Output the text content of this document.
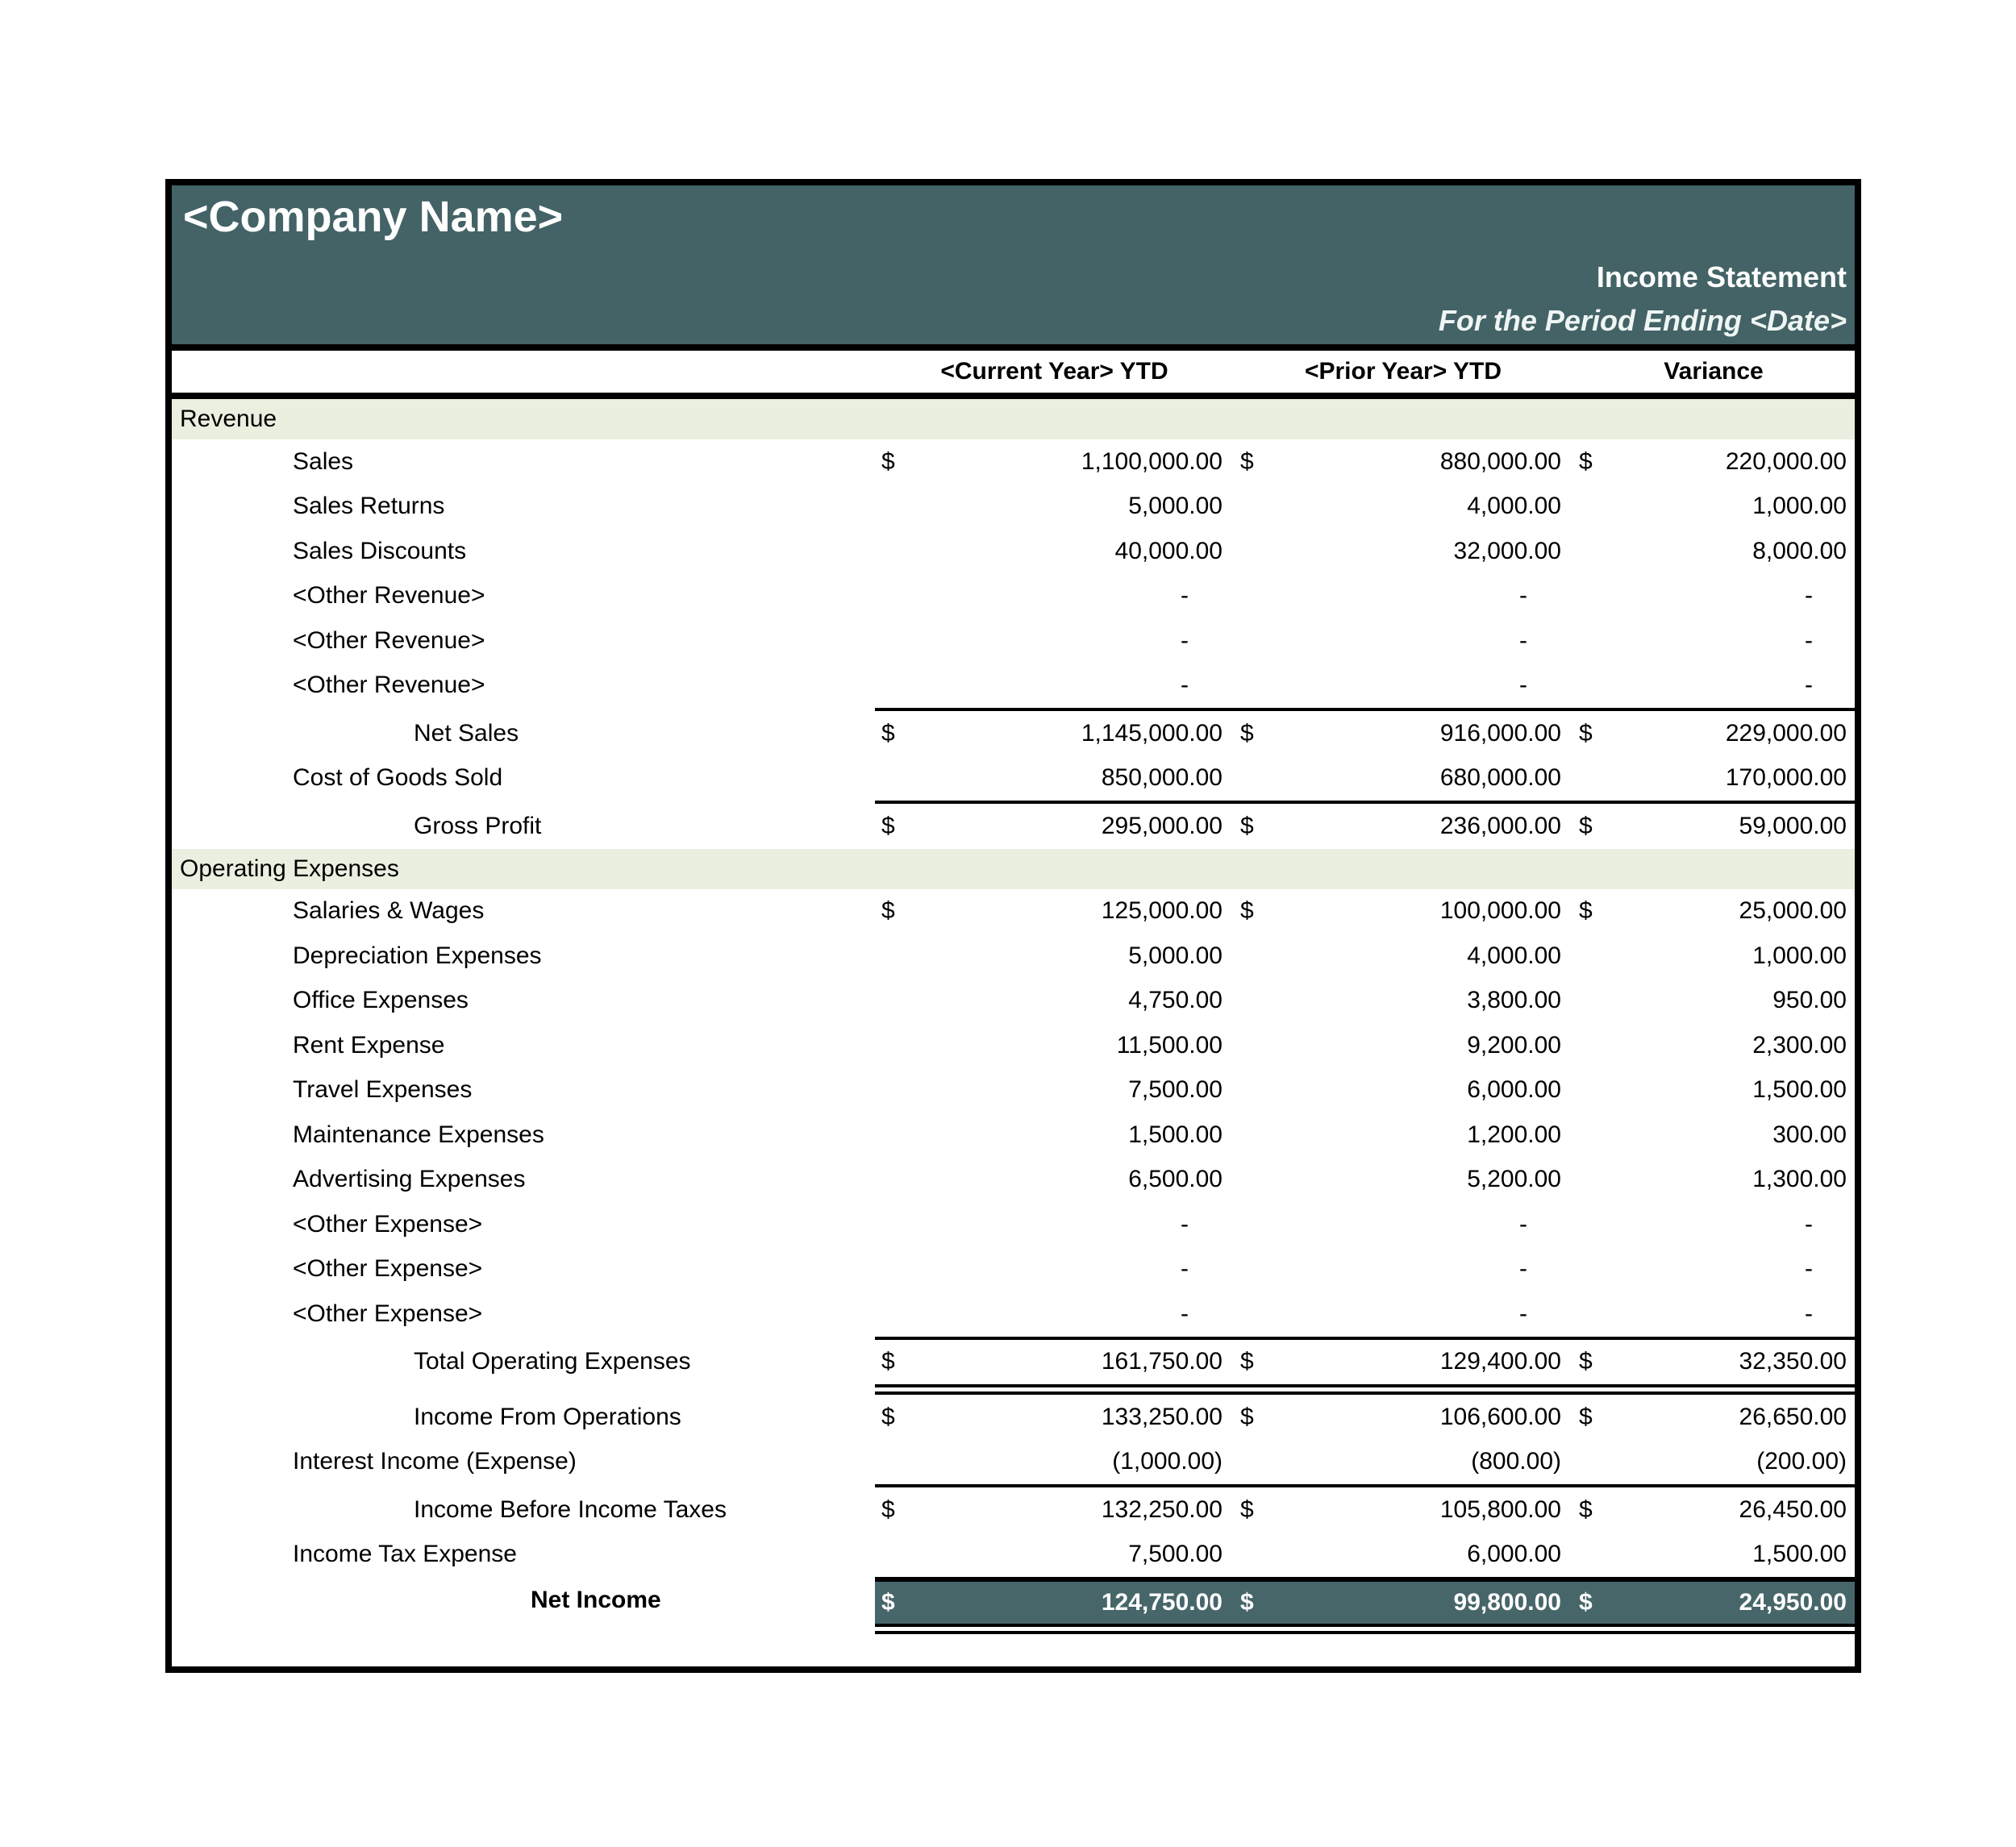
<Company Name>
Income Statement
For the Period Ending <Date>
<Current Year> YTD	<Prior Year> YTD	Variance
Revenue
Sales	$	1,100,000.00 $	880,000.00 $	220,000.00
Sales Returns	5,000.00	4,000.00	1,000.00
Sales Discounts	40,000.00	32,000.00	8,000.00
<Other Revenue>	-	-	-
<Other Revenue>	-	-	-
<Other Revenue>	-	-	-
Net Sales	$	1,145,000.00 $	916,000.00 $	229,000.00
Cost of Goods Sold	850,000.00	680,000.00	170,000.00
Gross Profit	$	295,000.00 $	236,000.00 $	59,000.00
Operating Expenses
Salaries & Wages	$	125,000.00 $	100,000.00 $	25,000.00
Depreciation Expenses	5,000.00	4,000.00	1,000.00
Office Expenses	4,750.00	3,800.00	950.00
Rent Expense	11,500.00	9,200.00	2,300.00
Travel Expenses	7,500.00	6,000.00	1,500.00
Maintenance Expenses	1,500.00	1,200.00	300.00
Advertising Expenses	6,500.00	5,200.00	1,300.00
<Other Expense>	-	-	-
<Other Expense>	-	-	-
<Other Expense>	-	-	-
Total Operating Expenses	$	161,750.00 $	129,400.00 $	32,350.00
Income From Operations	$	133,250.00 $	106,600.00 $	26,650.00
Interest Income (Expense)	(1,000.00)	(800.00)	(200.00)
Income Before Income Taxes	$	132,250.00 $	105,800.00 $	26,450.00
Income Tax Expense	7,500.00	6,000.00	1,500.00
Net Income	$	124,750.00 $	99,800.00 $	24,950.00
